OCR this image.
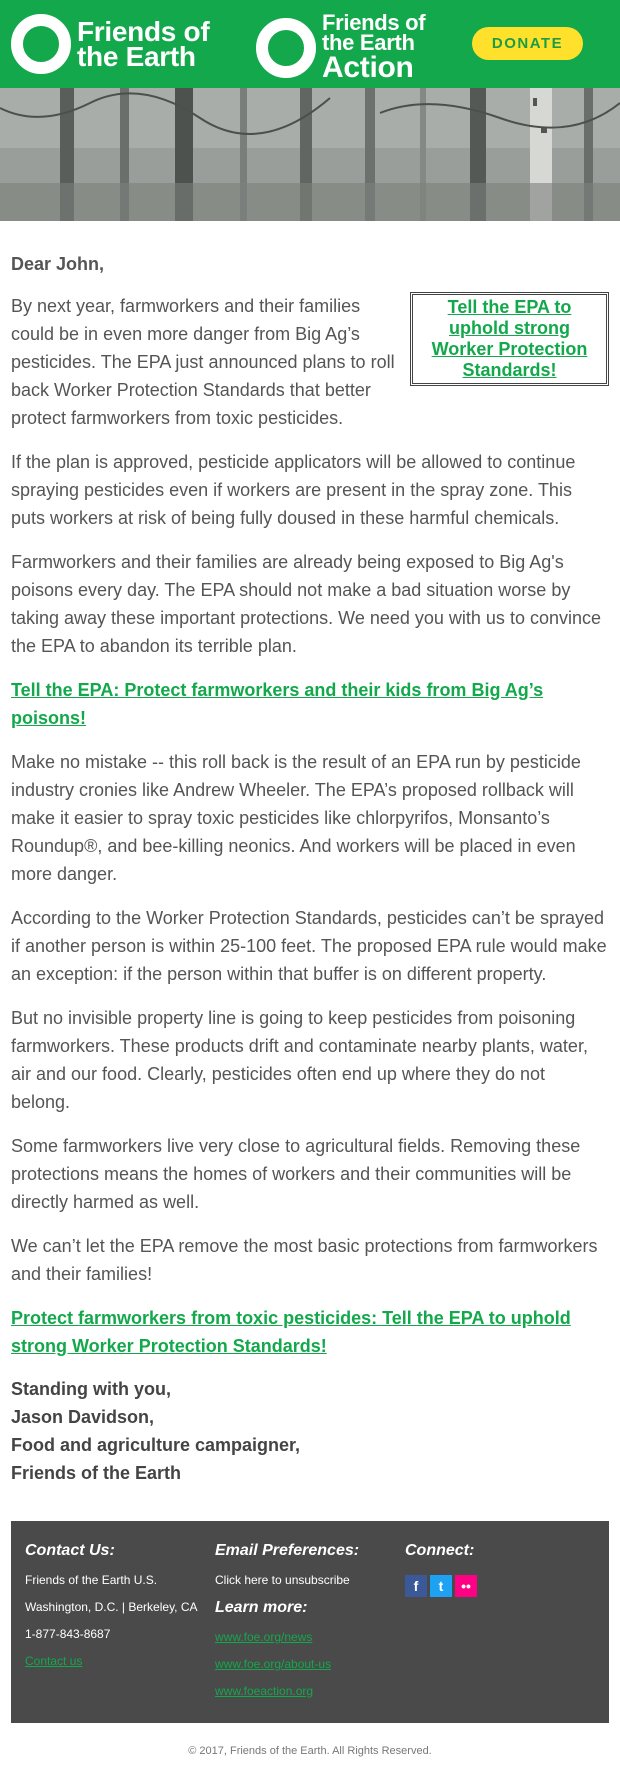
Friends of
the Earth
Friends of
the Earth
Action
DONATE
Dear John,

Tell the EPA to uphold strong Worker Protection Standards!
By next year, farmworkers and their families could be in even more danger from Big Ag’s pesticides. The EPA just announced plans to roll back Worker Protection Standards that better protect farmworkers from toxic pesticides.

If the plan is approved, pesticide applicators will be allowed to continue spraying pesticides even if workers are present in the spray zone. This puts workers at risk of being fully doused in these harmful chemicals.

Farmworkers and their families are already being exposed to Big Ag's poisons every day. The EPA should not make a bad situation worse by taking away these important protections. We need you with us to convince the EPA to abandon its terrible plan.

Tell the EPA: Protect farmworkers and their kids from Big Ag’s poisons!

Make no mistake -- this roll back is the result of an EPA run by pesticide industry cronies like Andrew Wheeler. The EPA’s proposed rollback will make it easier to spray toxic pesticides like chlorpyrifos, Monsanto’s Roundup®, and bee-killing neonics. And workers will be placed in even more danger.

According to the Worker Protection Standards, pesticides can’t be sprayed if another person is within 25-100 feet. The proposed EPA rule would make an exception: if the person within that buffer is on different property.

But no invisible property line is going to keep pesticides from poisoning farmworkers. These products drift and contaminate nearby plants, water, air and our food. Clearly, pesticides often end up where they do not belong.

Some farmworkers live very close to agricultural fields. Removing these protections means the homes of workers and their communities will be directly harmed as well.

We can’t let the EPA remove the most basic protections from farmworkers and their families!

Protect farmworkers from toxic pesticides: Tell the EPA to uphold strong Worker Protection Standards!
Standing with you,
Jason Davidson,
Food and agriculture campaigner,
Friends of the Earth
Contact Us:
Friends of the Earth U.S.
Washington, D.C. | Berkeley, CA
1-877-843-8687
Contact us
Email Preferences:
Click here to unsubscribe
Learn more:
www.foe.org/news
www.foe.org/about-us
www.foeaction.org
Connect:
f	t	••
© 2017, Friends of the Earth. All Rights Reserved.
